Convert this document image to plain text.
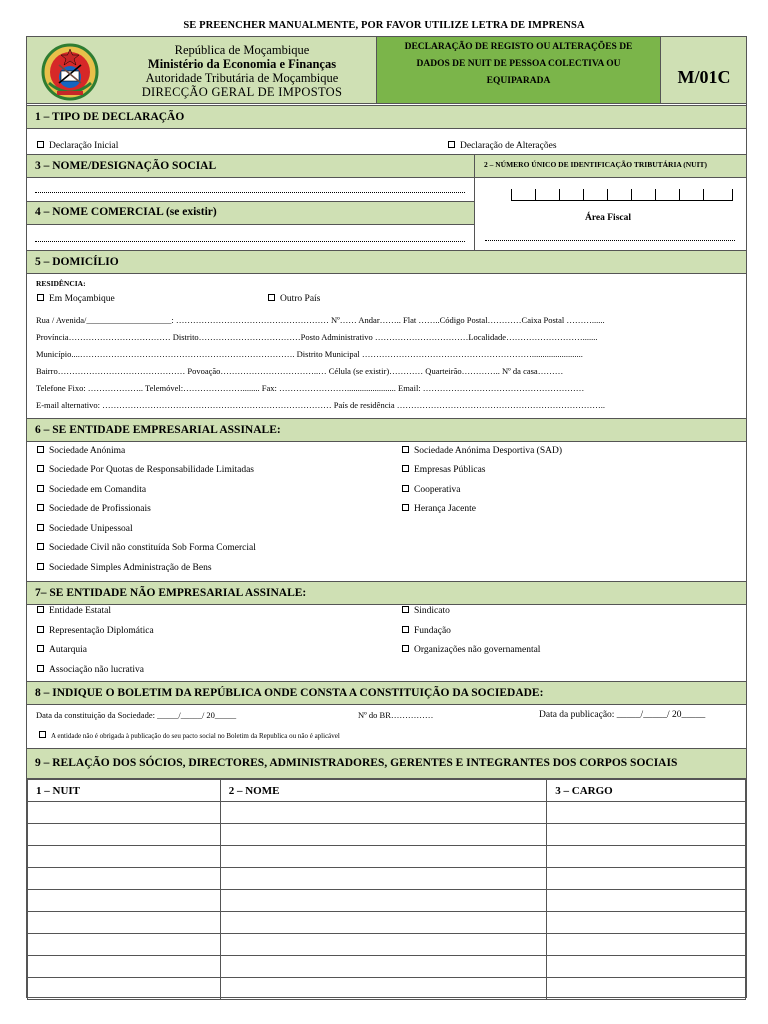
SE PREENCHER MANUALMENTE, POR FAVOR UTILIZE LETRA DE IMPRENSA
República de Moçambique
Ministério da Economia e Finanças
Autoridade Tributária de Moçambique
DIRECÇÃO GERAL DE IMPOSTOS
DECLARAÇÃO DE REGISTO OU ALTERAÇÕES DE
DADOS DE NUIT DE PESSOA COLECTIVA OU
EQUIPARADA	M/01C
1 – TIPO DE DECLARAÇÃO
Declaração Inicial	Declaração de Alterações
3 – NOME/DESIGNAÇÃO SOCIAL	2 – NÚMERO ÚNICO DE IDENTIFICAÇÃO TRIBUTÁRIA (NUIT)
4 – NOME COMERCIAL (se existir)	Área Fiscal
5 – DOMICÍLIO
RESIDÊNCIA:
Em Moçambique	Outro País
Rua / Avenida/____________________: ……………………………………………… Nº…… Andar…….. Flat ……..Código Postal…………Caixa Postal ………......
Província……………………………… Distrito………………………………Posto Administrativo ……………………………Localidade……………………….......
Município....…………………………………………………………………. Distrito Municipal ……………………………………………………........................
Bairro……………………………………… Povoação……………………………..… Célula (se existir)………… Quarteirão………….. Nº da casa………
Telefone Fixo: ……………….. Telemóvel:…………………........ Fax: ……………………....................... Email: …………………………………………………
E-mail alternativo: ……………………………………………………………………… País de residência ………………………………………………………………..
6 – SE ENTIDADE EMPRESARIAL ASSINALE:
Sociedade Anónima
Sociedade Por Quotas de Responsabilidade Limitadas
Sociedade em Comandita
Sociedade de Profissionais
Sociedade Unipessoal
Sociedade Civil não constituída Sob Forma Comercial
Sociedade Simples Administração de Bens
Sociedade Anónima Desportiva (SAD)
Empresas Públicas
Cooperativa
Herança Jacente
7– SE ENTIDADE NÃO EMPRESARIAL ASSINALE:
Entidade Estatal
Representação Diplomática
Autarquia
Associação não lucrativa
Sindicato
Fundação
Organizações não governamental
8 – INDIQUE O BOLETIM DA REPÚBLICA ONDE CONSTA A CONSTITUIÇÃO DA SOCIEDADE:
Data da constituição da Sociedade: _____/_____/ 20_____	Nº do BR……………	Data da publicação: _____/_____/ 20_____
A entidade não é obrigada à publicação do seu pacto social no Boletim da Republica ou não é aplicável
9 – RELAÇÃO DOS SÓCIOS, DIRECTORES, ADMINISTRADORES, GERENTES E INTEGRANTES DOS CORPOS SOCIAIS
1 – NUIT	2 – NOME	3 – CARGO
